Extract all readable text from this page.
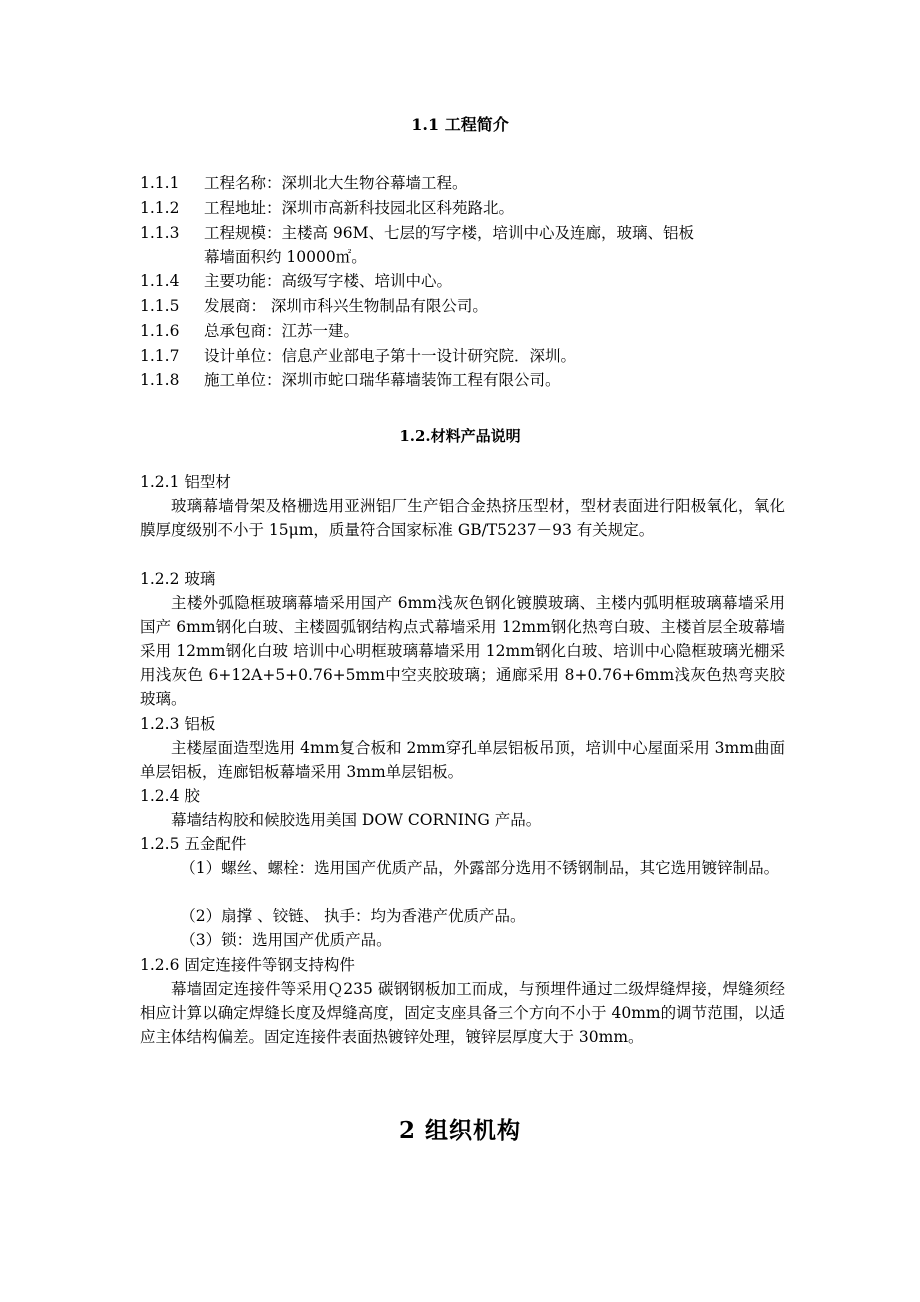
1.1 工程简介
1.1.1 工程名称：深圳北大生物谷幕墙工程。
1.1.2 工程地址：深圳市高新科技园北区科苑路北。
1.1.3 工程规模：主楼高 96M、七层的写字楼，培训中心及连廊，玻璃、铝板
幕墙面积约 10000㎡。
1.1.4 主要功能：高级写字楼、培训中心。
1.1.5 发展商： 深圳市科兴生物制品有限公司。
1.1.6 总承包商：江苏一建。
1.1.7 设计单位：信息产业部电子第十一设计研究院．深圳。
1.1.8 施工单位：深圳市蛇口瑞华幕墙装饰工程有限公司。
1.2.材料产品说明
1.2.1 铝型材
玻璃幕墙骨架及格栅选用亚洲铝厂生产铝合金热挤压型材，型材表面进行阳极氧化，氧化膜厚度级别不小于 15μm，质量符合国家标准 GB/T5237－93 有关规定。
1.2.2 玻璃
主楼外弧隐框玻璃幕墙采用国产 6mm浅灰色钢化镀膜玻璃、主楼内弧明框玻璃幕墙采用国产 6mm钢化白玻、主楼圆弧钢结构点式幕墙采用 12mm钢化热弯白玻、主楼首层全玻幕墙采用 12mm钢化白玻 培训中心明框玻璃幕墙采用 12mm钢化白玻、培训中心隐框玻璃光棚采用浅灰色 6+12A+5+0.76+5mm中空夹胶玻璃；通廊采用 8+0.76+6mm浅灰色热弯夹胶玻璃。
1.2.3 铝板
主楼屋面造型选用 4mm复合板和 2mm穿孔单层铝板吊顶，培训中心屋面采用 3mm曲面单层铝板，连廊铝板幕墙采用 3mm单层铝板。
1.2.4 胶
幕墙结构胶和候胶选用美国 DOW CORNING 产品。
1.2.5 五金配件
（1）螺丝、螺栓：选用国产优质产品，外露部分选用不锈钢制品，其它选用镀锌制品。
（2）扇撑 、铰链、 执手：均为香港产优质产品。
（3）锁：选用国产优质产品。
1.2.6 固定连接件等钢支持构件
幕墙固定连接件等采用Ｑ235 碳钢钢板加工而成，与预埋件通过二级焊缝焊接，焊缝须经相应计算以确定焊缝长度及焊缝高度，固定支座具备三个方向不小于 40mm的调节范围，以适应主体结构偏差。固定连接件表面热镀锌处理，镀锌层厚度大于 30mm。
2 组织机构
